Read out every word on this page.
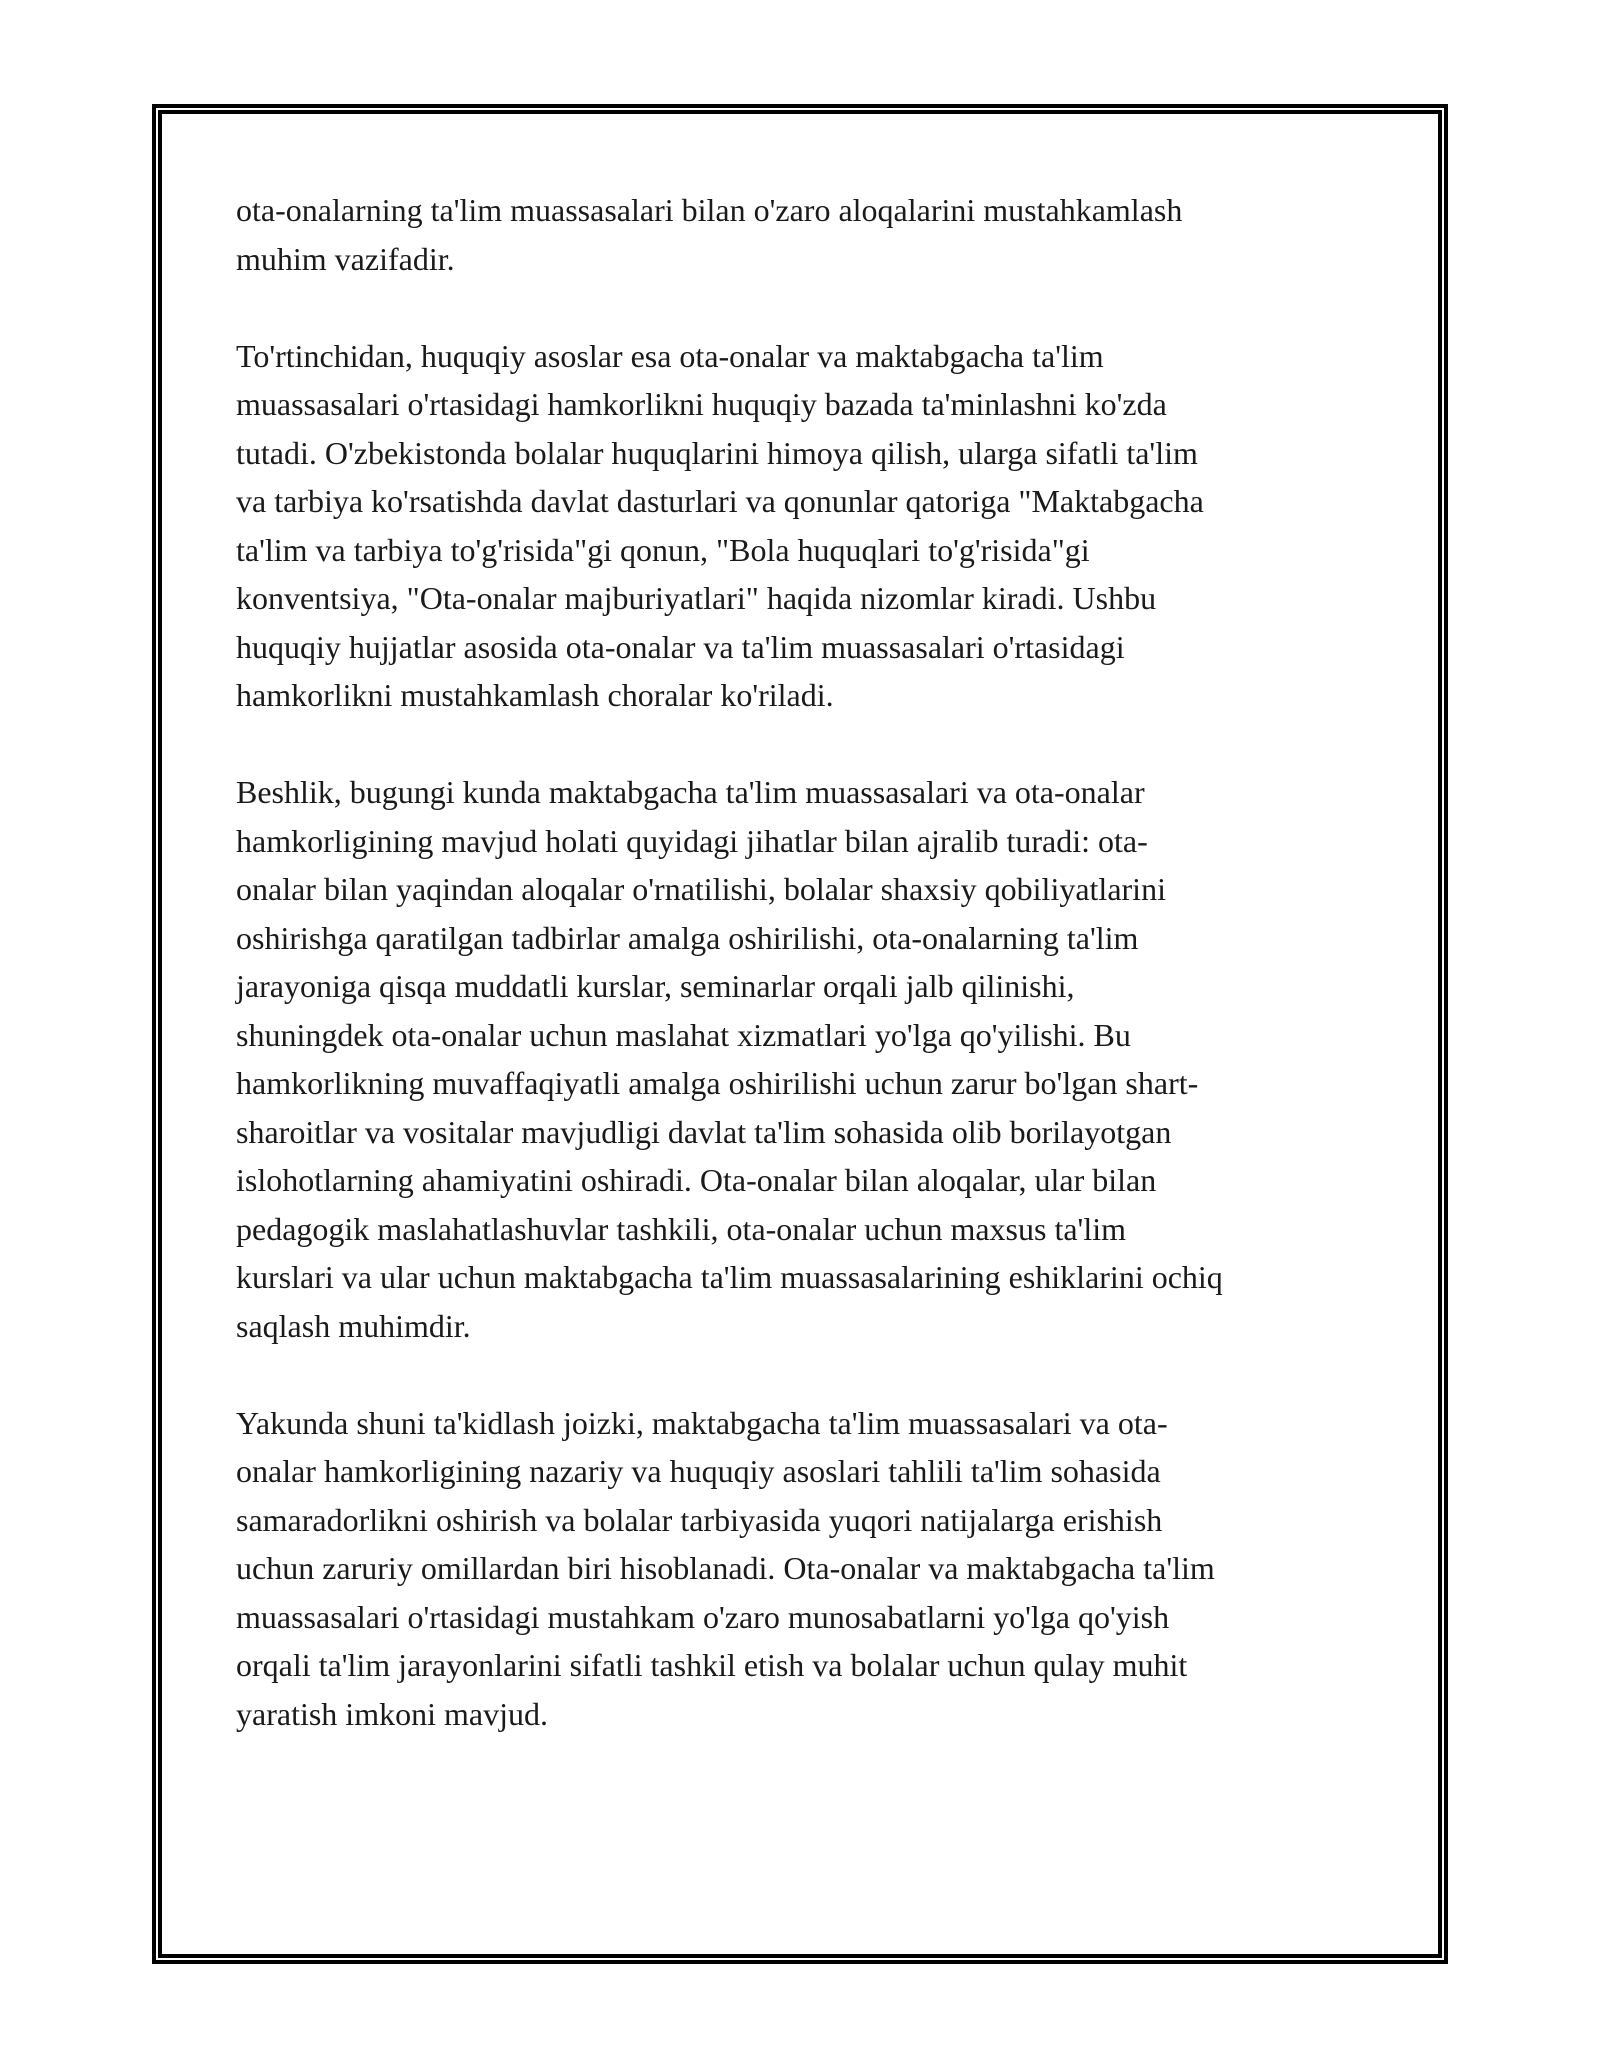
ota-onalarning ta'lim muassasalari bilan o'zaro aloqalarini mustahkamlash
muhim vazifadir.

To'rtinchidan, huquqiy asoslar esa ota-onalar va maktabgacha ta'lim
muassasalari o'rtasidagi hamkorlikni huquqiy bazada ta'minlashni ko'zda
tutadi. O'zbekistonda bolalar huquqlarini himoya qilish, ularga sifatli ta'lim
va tarbiya ko'rsatishda davlat dasturlari va qonunlar qatoriga "Maktabgacha
ta'lim va tarbiya to'g'risida"gi qonun, "Bola huquqlari to'g'risida"gi
konventsiya, "Ota-onalar majburiyatlari" haqida nizomlar kiradi. Ushbu
huquqiy hujjatlar asosida ota-onalar va ta'lim muassasalari o'rtasidagi
hamkorlikni mustahkamlash choralar ko'riladi.

Beshlik, bugungi kunda maktabgacha ta'lim muassasalari va ota-onalar
hamkorligining mavjud holati quyidagi jihatlar bilan ajralib turadi: ota-
onalar bilan yaqindan aloqalar o'rnatilishi, bolalar shaxsiy qobiliyatlarini
oshirishga qaratilgan tadbirlar amalga oshirilishi, ota-onalarning ta'lim
jarayoniga qisqa muddatli kurslar, seminarlar orqali jalb qilinishi,
shuningdek ota-onalar uchun maslahat xizmatlari yo'lga qo'yilishi. Bu
hamkorlikning muvaffaqiyatli amalga oshirilishi uchun zarur bo'lgan shart-
sharoitlar va vositalar mavjudligi davlat ta'lim sohasida olib borilayotgan
islohotlarning ahamiyatini oshiradi. Ota-onalar bilan aloqalar, ular bilan
pedagogik maslahatlashuvlar tashkili, ota-onalar uchun maxsus ta'lim
kurslari va ular uchun maktabgacha ta'lim muassasalarining eshiklarini ochiq
saqlash muhimdir.

Yakunda shuni ta'kidlash joizki, maktabgacha ta'lim muassasalari va ota-
onalar hamkorligining nazariy va huquqiy asoslari tahlili ta'lim sohasida
samaradorlikni oshirish va bolalar tarbiyasida yuqori natijalarga erishish
uchun zaruriy omillardan biri hisoblanadi. Ota-onalar va maktabgacha ta'lim
muassasalari o'rtasidagi mustahkam o'zaro munosabatlarni yo'lga qo'yish
orqali ta'lim jarayonlarini sifatli tashkil etish va bolalar uchun qulay muhit
yaratish imkoni mavjud.
